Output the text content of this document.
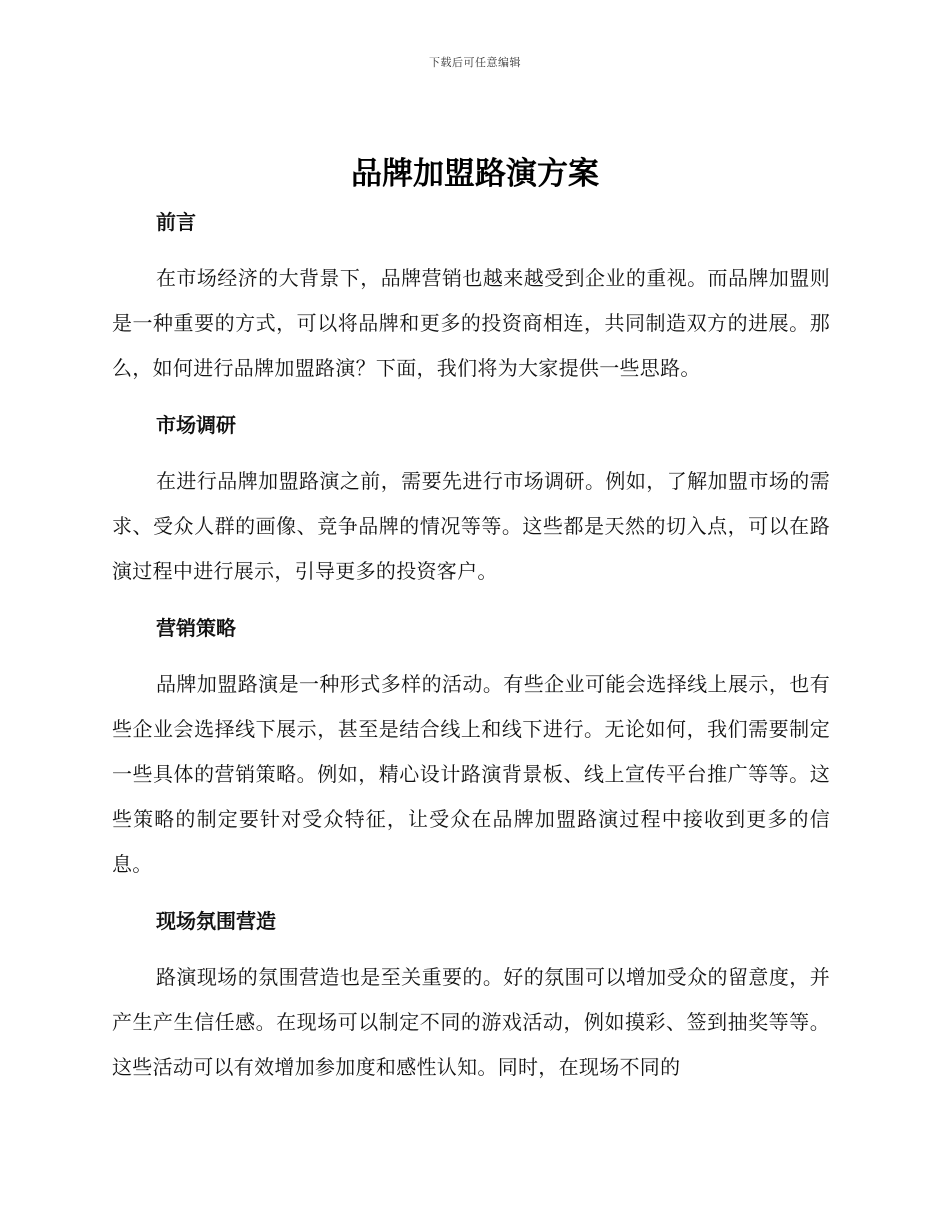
下载后可任意编辑
品牌加盟路演方案
前言

在市场经济的大背景下，品牌营销也越来越受到企业的重视。而品牌加盟则是一种重要的方式，可以将品牌和更多的投资商相连，共同制造双方的进展。那么，如何进行品牌加盟路演？下面，我们将为大家提供一些思路。

市场调研

在进行品牌加盟路演之前，需要先进行市场调研。例如，了解加盟市场的需求、受众人群的画像、竞争品牌的情况等等。这些都是天然的切入点，可以在路演过程中进行展示，引导更多的投资客户。

营销策略

品牌加盟路演是一种形式多样的活动。有些企业可能会选择线上展示，也有些企业会选择线下展示，甚至是结合线上和线下进行。无论如何，我们需要制定一些具体的营销策略。例如，精心设计路演背景板、线上宣传平台推广等等。这些策略的制定要针对受众特征，让受众在品牌加盟路演过程中接收到更多的信息。

现场氛围营造

路演现场的氛围营造也是至关重要的。好的氛围可以增加受众的留意度，并产生产生信任感。在现场可以制定不同的游戏活动，例如摸彩、签到抽奖等等。这些活动可以有效增加参加度和感性认知。同时，在现场不同的
